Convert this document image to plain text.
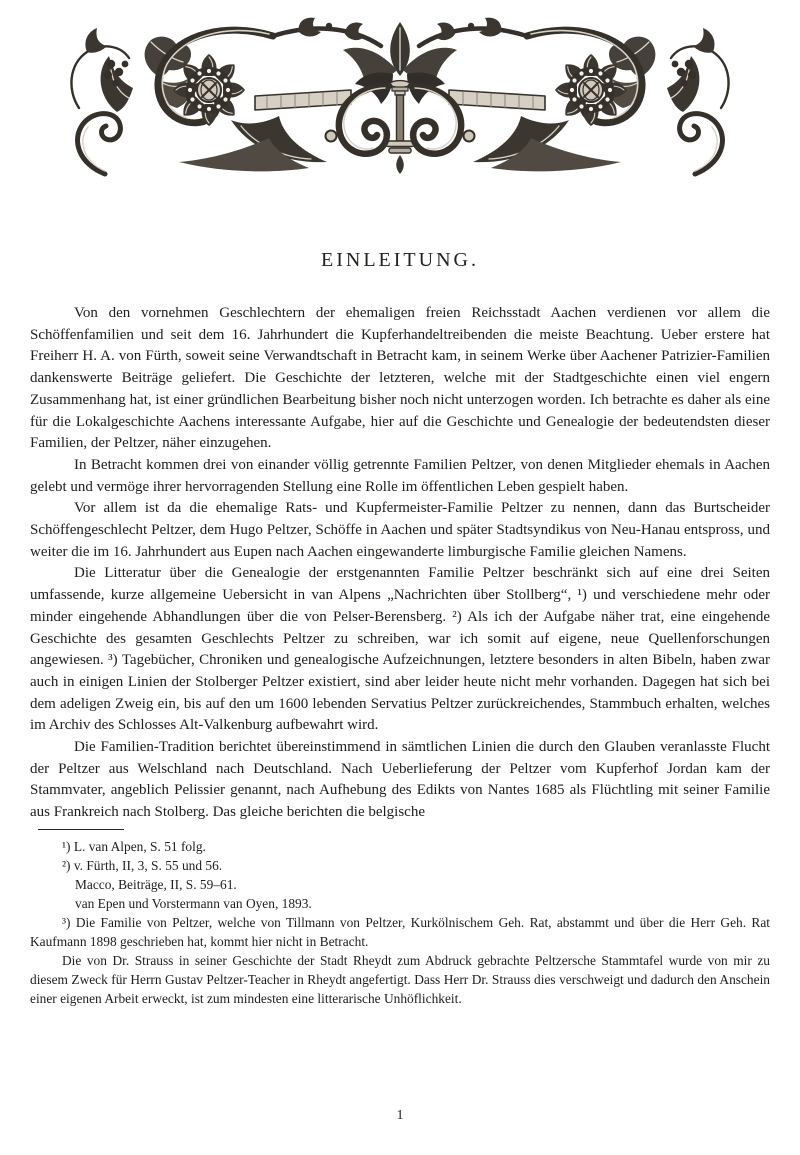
EINLEITUNG.

Von den vornehmen Geschlechtern der ehemaligen freien Reichsstadt Aachen verdienen vor allem die Schöffenfamilien und seit dem 16. Jahrhundert die Kupferhandeltreibenden die meiste Beachtung. Ueber erstere hat Freiherr H. A. von Fürth, soweit seine Verwandtschaft in Betracht kam, in seinem Werke über Aachener Patrizier-Familien dankenswerte Beiträge geliefert. Die Geschichte der letzteren, welche mit der Stadtgeschichte einen viel engern Zusammenhang hat, ist einer gründlichen Bearbeitung bisher noch nicht unterzogen worden. Ich betrachte es daher als eine für die Lokalgeschichte Aachens interessante Aufgabe, hier auf die Geschichte und Genealogie der bedeutendsten dieser Familien, der Peltzer, näher einzugehen.

In Betracht kommen drei von einander völlig getrennte Familien Peltzer, von denen Mitglieder ehemals in Aachen gelebt und vermöge ihrer hervorragenden Stellung eine Rolle im öffentlichen Leben gespielt haben.

Vor allem ist da die ehemalige Rats- und Kupfermeister-Familie Peltzer zu nennen, dann das Burtscheider Schöffengeschlecht Peltzer, dem Hugo Peltzer, Schöffe in Aachen und später Stadtsyndikus von Neu-Hanau entspross, und weiter die im 16. Jahrhundert aus Eupen nach Aachen eingewanderte limburgische Familie gleichen Namens.

Die Litteratur über die Genealogie der erstgenannten Familie Peltzer beschränkt sich auf eine drei Seiten umfassende, kurze allgemeine Uebersicht in van Alpens „Nachrichten über Stollberg“, ¹) und verschiedene mehr oder minder eingehende Abhandlungen über die von Pelser-Berensberg. ²) Als ich der Aufgabe näher trat, eine eingehende Geschichte des gesamten Geschlechts Peltzer zu schreiben, war ich somit auf eigene, neue Quellenforschungen angewiesen. ³) Tagebücher, Chroniken und genealogische Aufzeichnungen, letztere besonders in alten Bibeln, haben zwar auch in einigen Linien der Stolberger Peltzer existiert, sind aber leider heute nicht mehr vorhanden. Dagegen hat sich bei dem adeligen Zweig ein, bis auf den um 1600 lebenden Servatius Peltzer zurückreichendes, Stammbuch erhalten, welches im Archiv des Schlosses Alt-Valkenburg aufbewahrt wird.

Die Familien-Tradition berichtet übereinstimmend in sämtlichen Linien die durch den Glauben veranlasste Flucht der Peltzer aus Welschland nach Deutschland. Nach Ueberlieferung der Peltzer vom Kupferhof Jordan kam der Stammvater, angeblich Pelissier genannt, nach Aufhebung des Edikts von Nantes 1685 als Flüchtling mit seiner Familie aus Frankreich nach Stolberg. Das gleiche berichten die belgische

¹) L. van Alpen, S. 51 folg.

²) v. Fürth, II, 3, S. 55 und 56.

Macco, Beiträge, II, S. 59–61.

van Epen und Vorstermann van Oyen, 1893.

³) Die Familie von Peltzer, welche von Tillmann von Peltzer, Kurkölnischem Geh. Rat, abstammt und über die Herr Geh. Rat Kaufmann 1898 geschrieben hat, kommt hier nicht in Betracht.

Die von Dr. Strauss in seiner Geschichte der Stadt Rheydt zum Abdruck gebrachte Peltzersche Stammtafel wurde von mir zu diesem Zweck für Herrn Gustav Peltzer-Teacher in Rheydt angefertigt. Dass Herr Dr. Strauss dies verschweigt und dadurch den Anschein einer eigenen Arbeit erweckt, ist zum mindesten eine litterarische Unhöflichkeit.

1
